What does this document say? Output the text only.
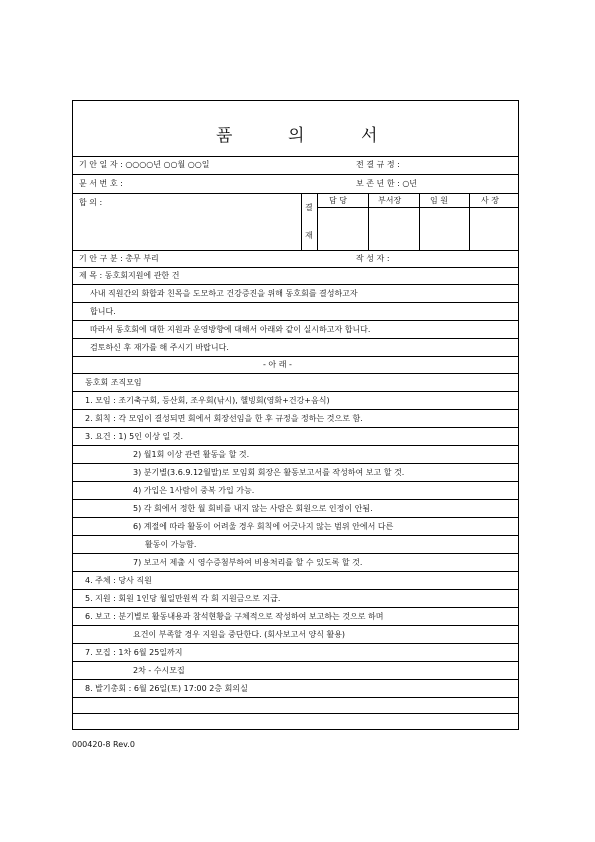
품	의	서
기 안 일 자 : ○○○○년 ○○월 ○○일	전 결 규 정 :
문 서 번 호 :	보 존 년 한 : ○년
합 의 :
결
재
담 당	부서장	임 원	사 장
기 안 구 분 : 총무 부리	작 성 자 :
제 목 : 동호회지원에 관한 건
사내 직원간의 화합과 친목을 도모하고 건강증진을 위해 동호회를 결성하고자
합니다.
따라서 동호회에 대한 지원과 운영방향에 대해서 아래와 같이 실시하고자 합니다.
검토하신 후 재가를 해 주시기 바랍니다.
- 아 래 -
동호회 조직모임
1. 모임 : 조기축구회, 등산회, 조우회(낚시), 헬빙회(영화+건강+음식)
2. 회칙 : 각 모임이 결성되면 회에서 회장선임을 한 후 규정을 정하는 것으로 함.
3. 요건 : 1) 5인 이상 일 것.
2) 월1회 이상 관련 활동을 할 것.
3) 분기별(3.6.9.12월말)로 모임회 회장은 활동보고서를 작성하여 보고 할 것.
4) 가입은 1사람이 중복 가입 가능.
5) 각 회에서 정한 월 회비를 내지 않는 사람은 회원으로 인정이 안됨.
6) 계절에 따라 활동이 어려울 경우 회칙에 어긋나지 않는 범위 안에서 다른
활동이 가능함.
7) 보고서 제출 시 영수증첨부하여 비용처리를 할 수 있도록 할 것.
4. 주체 : 당사 직원
5. 지원 : 회원 1인당 월일만원씩 각 회 지원금으로 지급.
6. 보고 : 분기별로 활동내용과 참석현황을 구체적으로 작성하여 보고하는 것으로 하며
요건이 부족할 경우 지원을 중단한다. (회사보고서 양식 활용)
7. 모집 : 1차 6월 25일까지
2차 - 수시모집
8. 발기총회 : 6월 26일(토) 17:00 2층 회의실
000420-8 Rev.0
